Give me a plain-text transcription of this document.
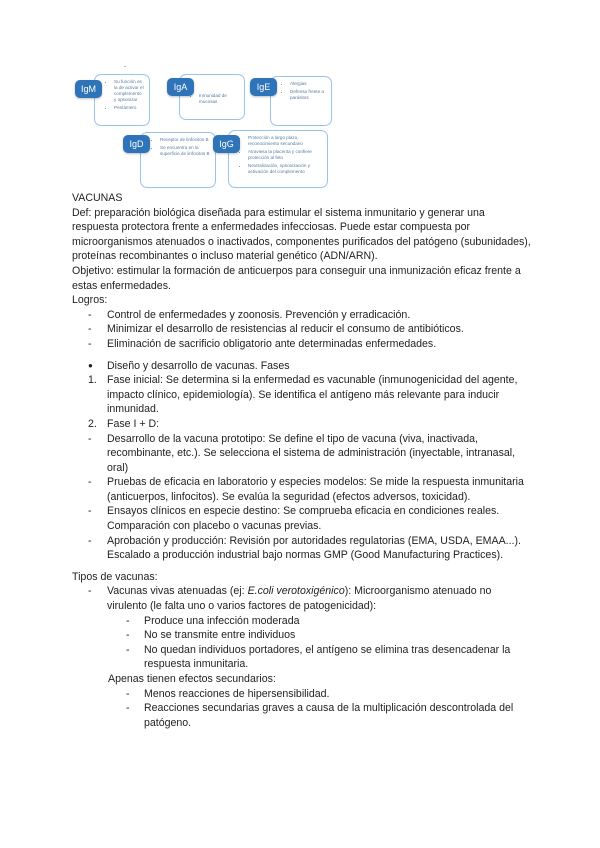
-
• Su función es la de activar el complemento y opsonizar
• Pentámero
IgM
• Inmunidad de mucosas
IgA
•	Alergias
• Defensa frente a parásitos
IgE
• Receptor de linfocitos B
• Se encuentra en la superficie de linfocitos B
IgD
• Protección a largo plazo, reconocimiento secundario
• Atraviesa la placenta y confiere protección al feto
• Neutralización, opsonización y activación del complemento
IgG

VACUNAS

Def: preparación biológica diseñada para estimular el sistema inmunitario y generar una respuesta protectora frente a enfermedades infecciosas. Puede estar compuesta por microorganismos atenuados o inactivados, componentes purificados del patógeno (subunidades), proteínas recombinantes o incluso material genético (ADN/ARN).

Objetivo: estimular la formación de anticuerpos para conseguir una inmunización eficaz frente a estas enfermedades.

Logros:

-	Control de enfermedades y zoonosis. Prevención y erradicación.
-	Minimizar el desarrollo de resistencias al reducir el consumo de antibióticos.
-	Eliminación de sacrificio obligatorio ante determinadas enfermedades.
●	Diseño y desarrollo de vacunas. Fases
1. Fase inicial: Se determina si la enfermedad es vacunable (inmunogenicidad del agente, impacto clínico, epidemiología). Se identifica el antígeno más relevante para inducir inmunidad.
2. Fase I + D:
-	Desarrollo de la vacuna prototipo: Se define el tipo de vacuna (viva, inactivada, recombinante, etc.). Se selecciona el sistema de administración (inyectable, intranasal, oral)
-	Pruebas de eficacia en laboratorio y especies modelos: Se mide la respuesta inmunitaria (anticuerpos, linfocitos). Se evalúa la seguridad (efectos adversos, toxicidad).
-	Ensayos clínicos en especie destino: Se comprueba eficacia en condiciones reales. Comparación con placebo o vacunas previas.
-	Aprobación y producción: Revisión por autoridades regulatorias (EMA, USDA, EMAA...). Escalado a producción industrial bajo normas GMP (Good Manufacturing Practices).

Tipos de vacunas:

-	Vacunas vivas atenuadas (ej: E.coli verotoxigénico): Microorganismo atenuado no virulento (le falta uno o varios factores de patogenicidad):
-	Produce una infección moderada
-	No se transmite entre individuos
-	No quedan individuos portadores, el antígeno se elimina tras desencadenar la respuesta inmunitaria.

Apenas tienen efectos secundarios:

-	Menos reacciones de hipersensibilidad.
-	Reacciones secundarias graves a causa de la multiplicación descontrolada del patógeno.
